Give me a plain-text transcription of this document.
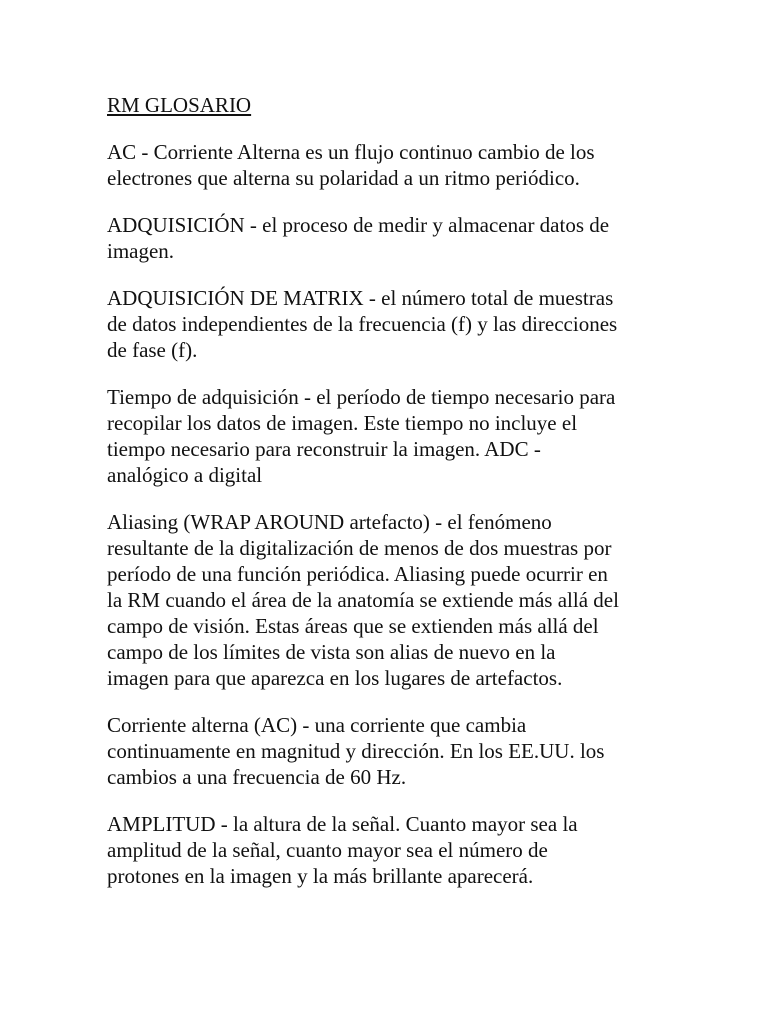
RM GLOSARIO
AC - Corriente Alterna es un flujo continuo cambio de los
electrones que alterna su polaridad a un ritmo periódico.
ADQUISICIÓN - el proceso de medir y almacenar datos de
imagen.
ADQUISICIÓN DE MATRIX - el número total de muestras
de datos independientes de la frecuencia (f) y las direcciones
de fase (f).
Tiempo de adquisición - el período de tiempo necesario para
recopilar los datos de imagen. Este tiempo no incluye el
tiempo necesario para reconstruir la imagen. ADC -
analógico a digital
Aliasing (WRAP AROUND artefacto) - el fenómeno
resultante de la digitalización de menos de dos muestras por
período de una función periódica. Aliasing puede ocurrir en
la RM cuando el área de la anatomía se extiende más allá del
campo de visión. Estas áreas que se extienden más allá del
campo de los límites de vista son alias de nuevo en la
imagen para que aparezca en los lugares de artefactos.
Corriente alterna (AC) - una corriente que cambia
continuamente en magnitud y dirección. En los EE.UU. los
cambios a una frecuencia de 60 Hz.
AMPLITUD - la altura de la señal. Cuanto mayor sea la
amplitud de la señal, cuanto mayor sea el número de
protones en la imagen y la más brillante aparecerá.
